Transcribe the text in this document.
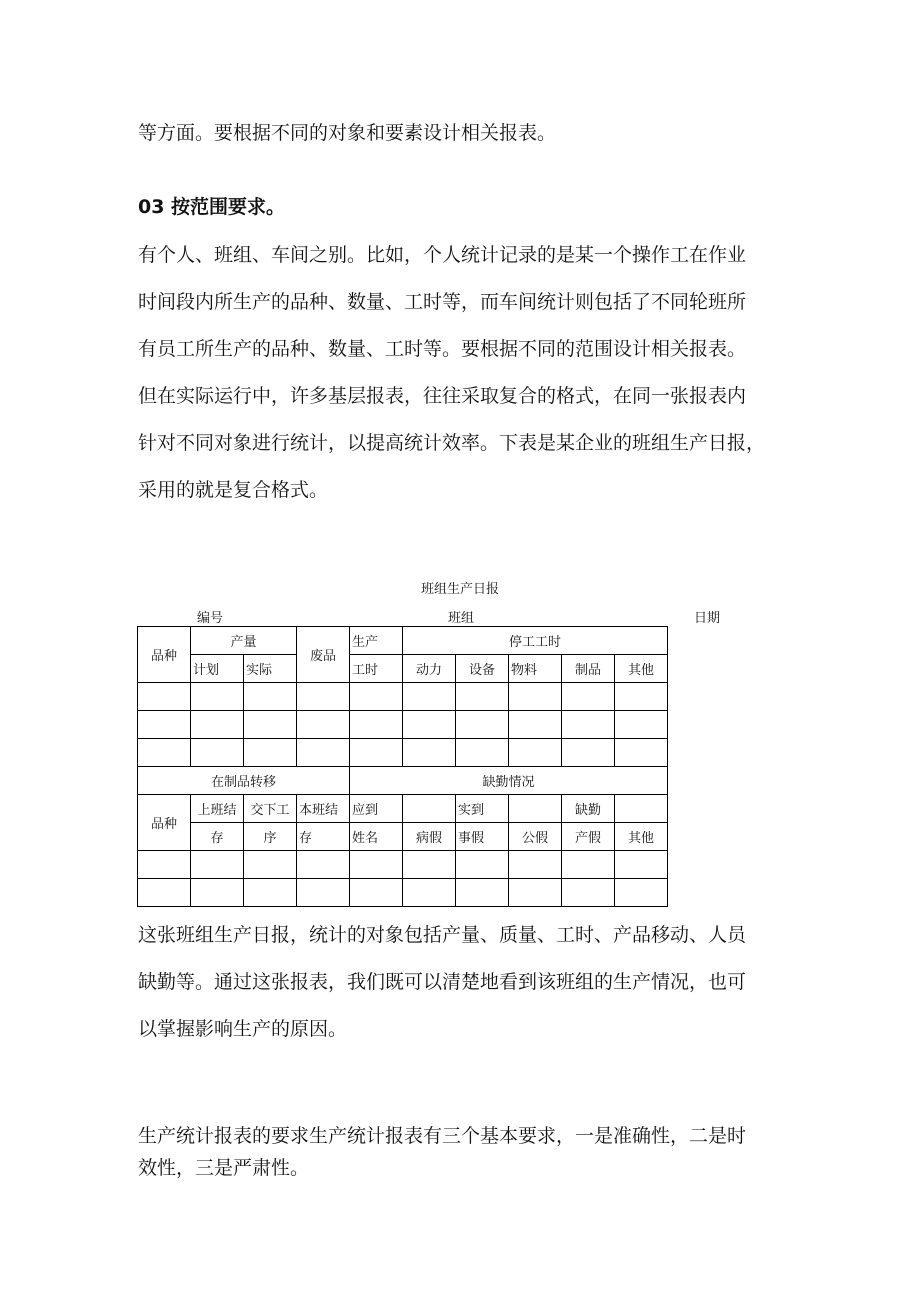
等方面。要根据不同的对象和要素设计相关报表。
03 按范围要求。
有个人、班组、车间之别。比如，个人统计记录的是某一个操作工在作业
时间段内所生产的品种、数量、工时等，而车间统计则包括了不同轮班所
有员工所生产的品种、数量、工时等。要根据不同的范围设计相关报表。
但在实际运行中，许多基层报表，往往采取复合的格式，在同一张报表内
针对不同对象进行统计，以提高统计效率。下表是某企业的班组生产日报，
采用的就是复合格式。
班组生产日报
编号	班组	日期
品种	产量		废品	生产	停工工时				
	计划	实际		工时	动力	设备	物料	制品	其他

在制品转移				缺勤情况					
品种	上班结	交下工	本班结	应到		实到		缺勤	
	存	序	存	姓名	病假	事假	公假	产假	其他

这张班组生产日报，统计的对象包括产量、质量、工时、产品移动、人员
缺勤等。通过这张报表，我们既可以清楚地看到该班组的生产情况，也可
以掌握影响生产的原因。
生产统计报表的要求生产统计报表有三个基本要求，一是准确性，二是时
效性，三是严肃性。
